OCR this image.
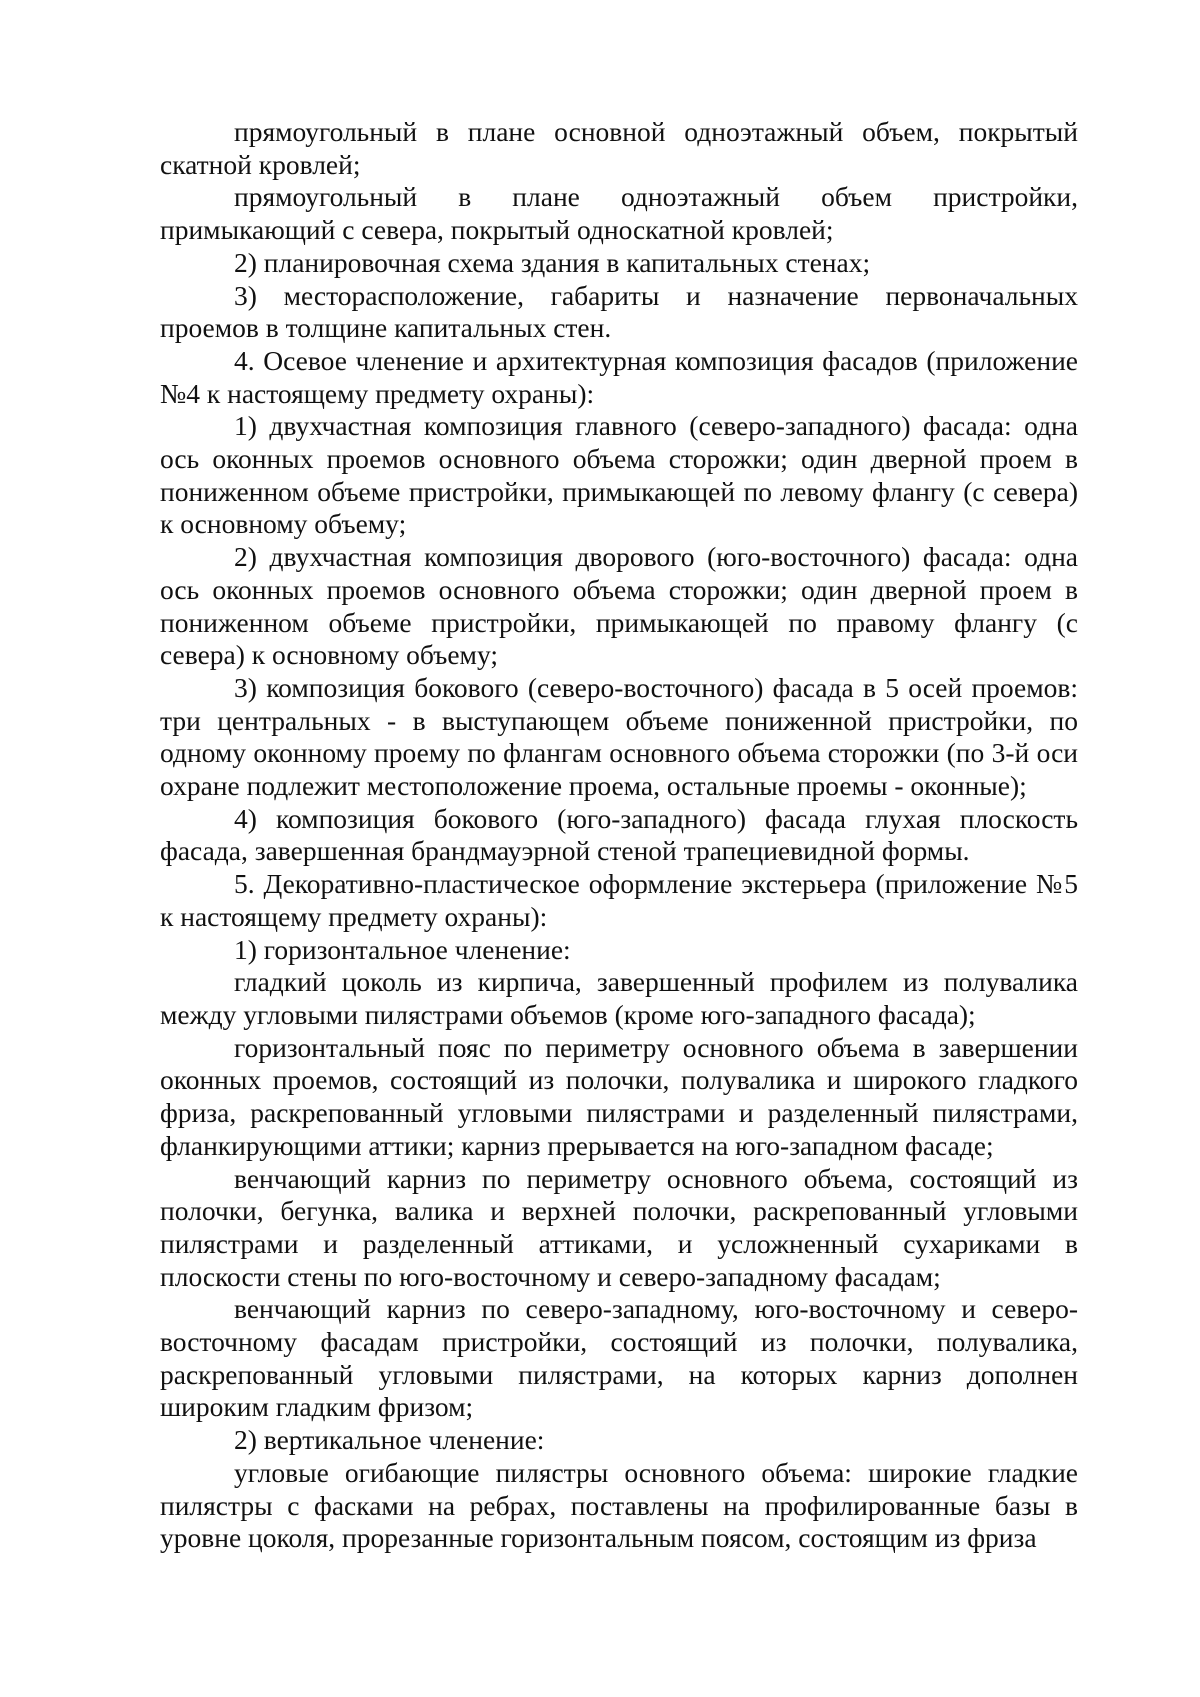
прямоугольный в плане основной одноэтажный объем, покрытый скатной кровлей;

прямоугольный в плане одноэтажный объем пристройки, примыкающий с севера, покрытый односкатной кровлей;

2) планировочная схема здания в капитальных стенах;

3) месторасположение, габариты и назначение первоначальных проемов в толщине капитальных стен.

4. Осевое членение и архитектурная композиция фасадов (приложение №4 к настоящему предмету охраны):

1) двухчастная композиция главного (северо-западного) фасада: одна ось оконных проемов основного объема сторожки; один дверной проем в пониженном объеме пристройки, примыкающей по левому флангу (с севера) к основному объему;

2) двухчастная композиция дворового (юго-восточного) фасада: одна ось оконных проемов основного объема сторожки; один дверной проем в пониженном объеме пристройки, примыкающей по правому флангу (с севера) к основному объему;

3) композиция бокового (северо-восточного) фасада в 5 осей проемов: три центральных - в выступающем объеме пониженной пристройки, по одному оконному проему по флангам основного объема сторожки (по 3-й оси охране подлежит местоположение проема, остальные проемы - оконные);

4) композиция бокового (юго-западного) фасада глухая плоскость фасада, завершенная брандмауэрной стеной трапециевидной формы.

5. Декоративно-пластическое оформление экстерьера (приложение №5 к настоящему предмету охраны):

1) горизонтальное членение:

гладкий цоколь из кирпича, завершенный профилем из полувалика между угловыми пилястрами объемов (кроме юго-западного фасада);

горизонтальный пояс по периметру основного объема в завершении оконных проемов, состоящий из полочки, полувалика и широкого гладкого фриза, раскрепованный угловыми пилястрами и разделенный пилястрами, фланкирующими аттики; карниз прерывается на юго-западном фасаде;

венчающий карниз по периметру основного объема, состоящий из полочки, бегунка, валика и верхней полочки, раскрепованный угловыми пилястрами и разделенный аттиками, и усложненный сухариками в плоскости стены по юго-восточному и северо-западному фасадам;

венчающий карниз по северо-западному, юго-восточному и северо-восточному фасадам пристройки, состоящий из полочки, полувалика, раскрепованный угловыми пилястрами, на которых карниз дополнен широким гладким фризом;

2) вертикальное членение:

угловые огибающие пилястры основного объема: широкие гладкие пилястры с фасками на ребрах, поставлены на профилированные базы в уровне цоколя, прорезанные горизонтальным поясом, состоящим из фриза
